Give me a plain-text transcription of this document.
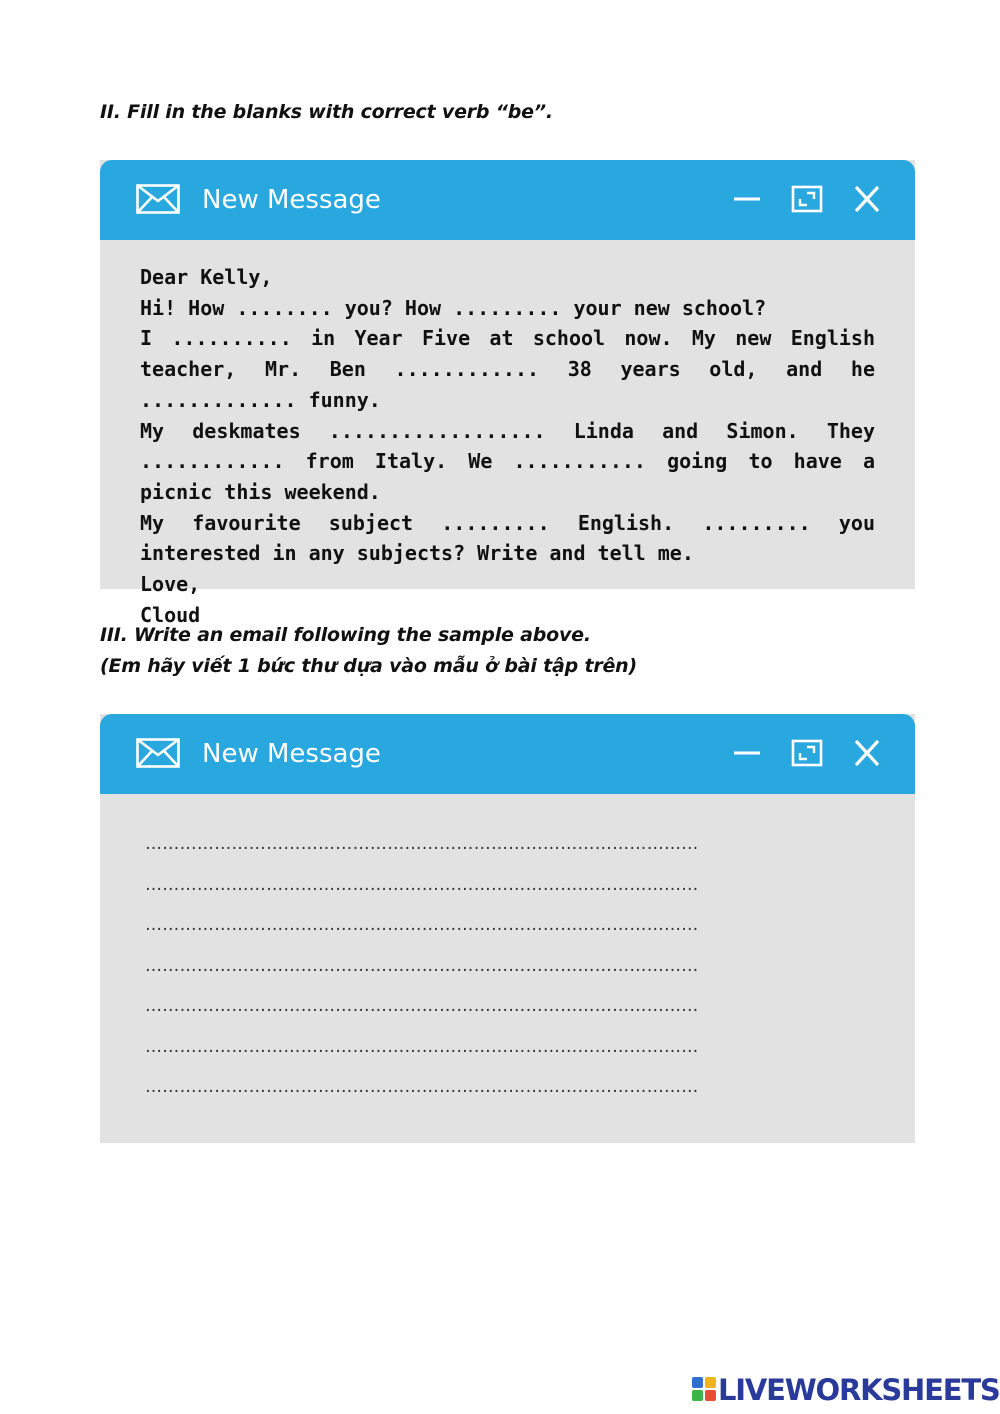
II. Fill in the blanks with correct verb “be”.
New Message

Dear Kelly,

Hi! How ........ you? How ......... your new school?

I .......... in Year Five at school now. My new English teacher, Mr. Ben ............ 38 years old, and he ............. funny.

My deskmates .................. Linda and Simon. They ............ from Italy. We ........... going to have a picnic this weekend.

My favourite subject ......... English. ......... you interested in any subjects? Write and tell me.

Love,

Cloud

III. Write an email following the sample above.
(Em hãy viết 1 bức thư dựa vào mẫu ở bài tập trên)
New Message
……………………………………………………………………………………
……………………………………………………………………………………
……………………………………………………………………………………
……………………………………………………………………………………
……………………………………………………………………………………
……………………………………………………………………………………
……………………………………………………………………………………
LIVEWORKSHEETS
